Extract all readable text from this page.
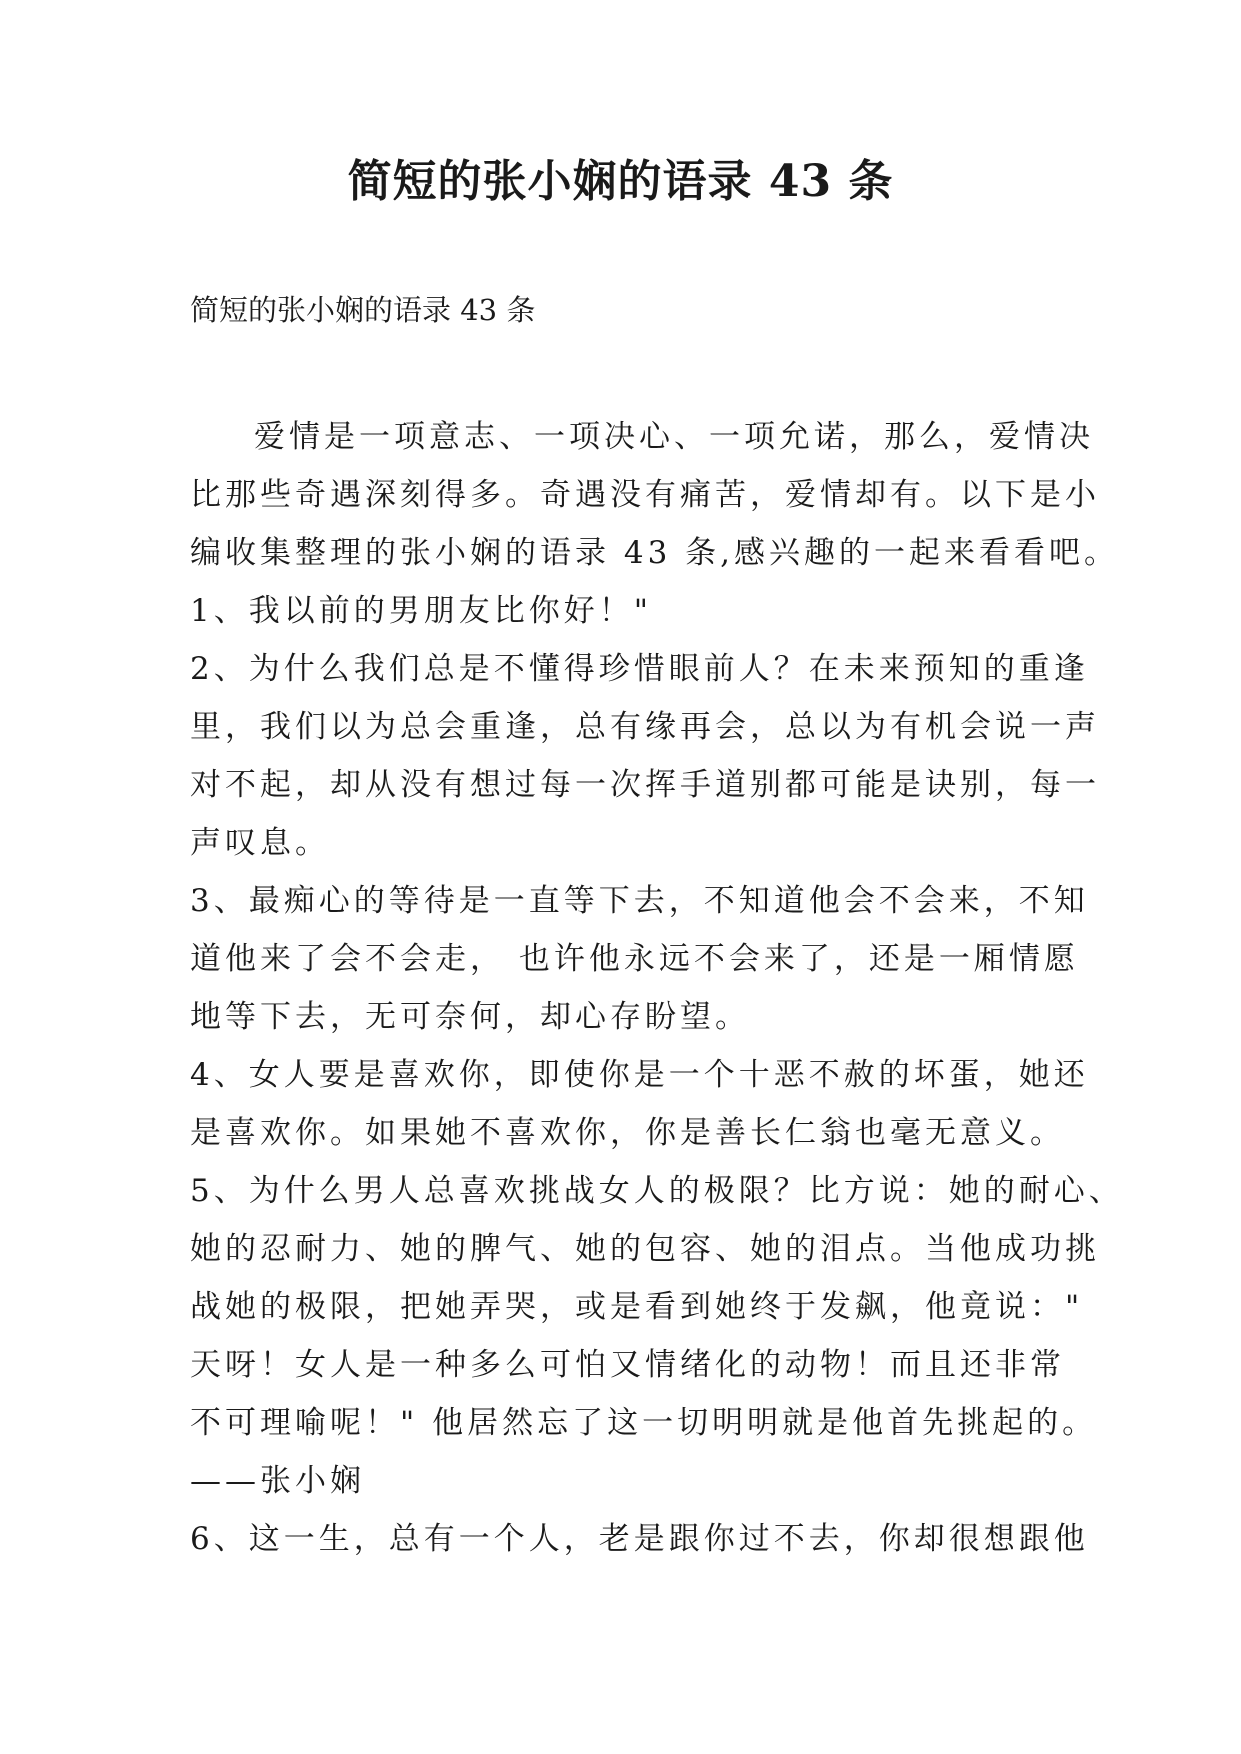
简短的张小娴的语录 43 条
简短的张小娴的语录 43 条
爱情是一项意志、一项决心、一项允诺，那么，爱情决
比那些奇遇深刻得多。奇遇没有痛苦，爱情却有。以下是小
编收集整理的张小娴的语录 43 条,感兴趣的一起来看看吧。
1、我以前的男朋友比你好！"
2、为什么我们总是不懂得珍惜眼前人？在未来预知的重逢
里，我们以为总会重逢，总有缘再会，总以为有机会说一声
对不起，却从没有想过每一次挥手道别都可能是诀别，每一
声叹息。
3、最痴心的等待是一直等下去，不知道他会不会来，不知
道他来了会不会走， 也许他永远不会来了，还是一厢情愿
地等下去，无可奈何，却心存盼望。
4、女人要是喜欢你，即使你是一个十恶不赦的坏蛋，她还
是喜欢你。如果她不喜欢你，你是善长仁翁也毫无意义。
5、为什么男人总喜欢挑战女人的极限？比方说：她的耐心、
她的忍耐力、她的脾气、她的包容、她的泪点。当他成功挑
战她的极限，把她弄哭，或是看到她终于发飙，他竟说："
天呀！女人是一种多么可怕又情绪化的动物！而且还非常
不可理喻呢！" 他居然忘了这一切明明就是他首先挑起的。
——张小娴
6、这一生，总有一个人，老是跟你过不去，你却很想跟他
